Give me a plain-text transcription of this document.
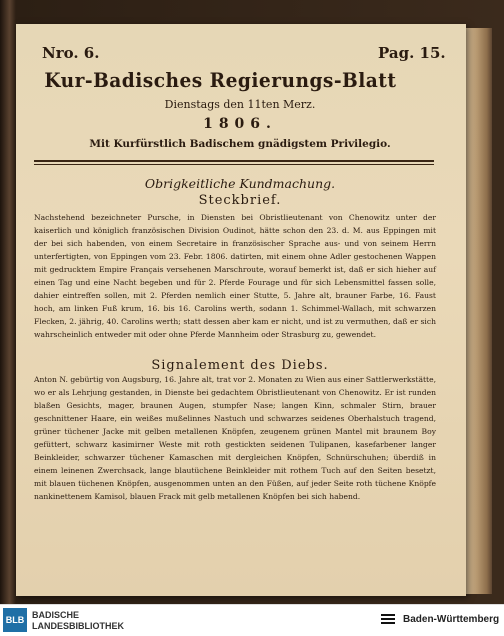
Nro. 6.	Pag. 15.
Kur-Badisches Regierungs-Blatt
Dienstags den 11ten Merz.
1806.
Mit Kurfürstlich Badischem gnädigstem Privilegio.
Obrigkeitliche Kundmachung.
Steckbrief.
Nachstehend bezeichneter Pursche, in Diensten bei Obristlieutenant von Chenowitz unter der kaiserlich und königlich französischen Division Oudinot, hätte schon den 23. d. M. aus Eppingen mit der bei sich habenden, von einem Secretaire in französischer Sprache aus- und von seinem Herrn unterfertigten, von Eppingen vom 23. Febr. 1806. datirten, mit einem ohne Adler gestochenen Wappen mit gedrucktem Empire Français versehenen Marschroute, worauf bemerkt ist, daß er sich hieher auf einen Tag und eine Nacht begeben und für 2. Pferde Fourage und für sich Lebensmittel fassen solle, dahier eintreffen sollen, mit 2. Pferden nemlich einer Stutte, 5. Jahre alt, brauner Farbe, 16. Faust hoch, am linken Fuß krum, 16. bis 16. Carolins werth, sodann 1. Schimmel-Wallach, mit schwarzen Flecken, 2. jährig, 40. Carolins werth; statt dessen aber kam er nicht, und ist zu vermuthen, daß er sich wahrscheinlich entweder mit oder ohne Pferde Mannheim oder Strasburg zu, gewendet.
Signalement des Diebs.
Anton N. gebürtig von Augsburg, 16. Jahre alt, trat vor 2. Monaten zu Wien aus einer Sattlerwerkstätte, wo er als Lehrjung gestanden, in Dienste bei gedachtem Obristlieutenant von Chenowitz. Er ist runden blaßen Gesichts, mager, braunen Augen, stumpfer Nase; langen Kinn, schmaler Stirn, brauer geschnittener Haare, ein weißes mußelinnes Nastuch und schwarzes seidenes Oberhalstuch tragend, grüner tüchener Jacke mit gelben metallenen Knöpfen, zeugenem grünen Mantel mit braunem Boy gefüttert, schwarz kasimirner Weste mit roth gestickten seidenen Tulipanen, kasefarbener langer Beinkleider, schwarzer tüchener Kamaschen mit dergleichen Knöpfen, Schnürschuhen; überdiß in einem leinenen Zwerchsack, lange blautüchene Beinkleider mit rothem Tuch auf den Seiten besetzt, mit blauen tüchenen Knöpfen, ausgenommen unten an den Füßen, auf jeder Seite roth tüchene Knöpfe nankinettenem Kamisol, blauen Frack mit gelb metallenen Knöpfen bei sich habend.
BLB BADISCHE
LANDESBIBLIOTHEK
Baden-Württemberg
